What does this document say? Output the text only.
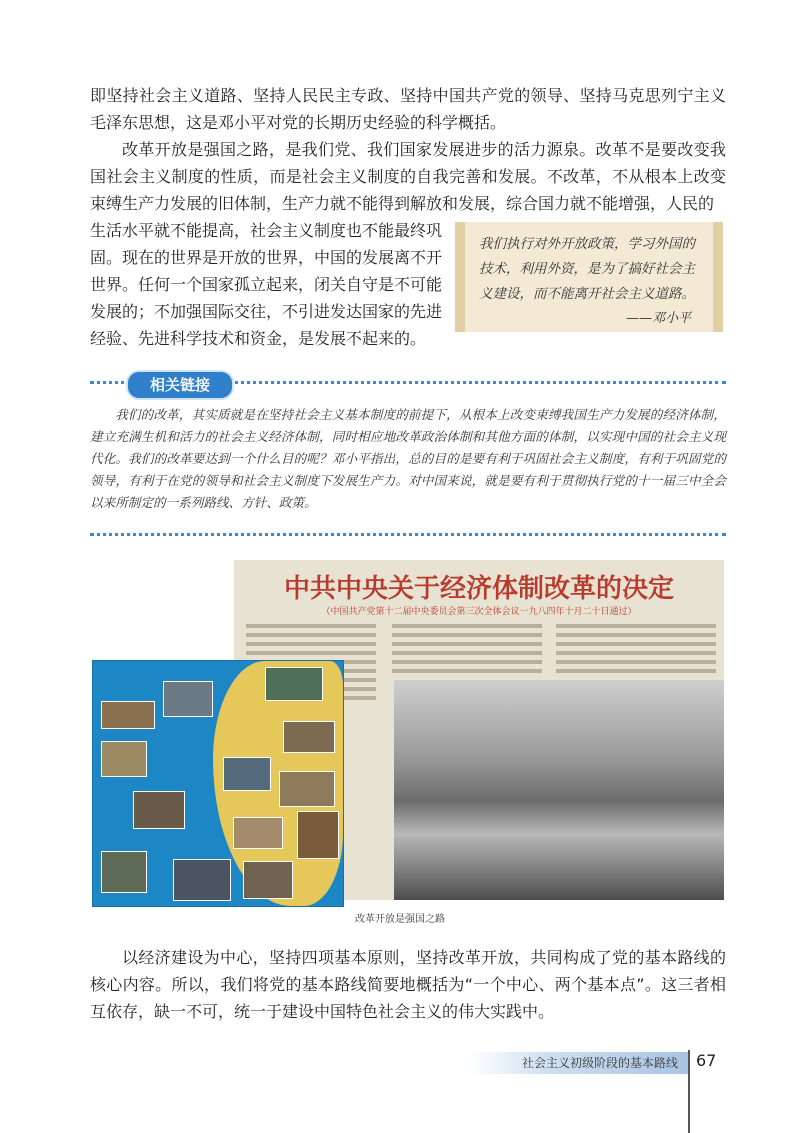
即坚持社会主义道路、坚持人民民主专政、坚持中国共产党的领导、坚持马克思列宁主义毛泽东思想，这是邓小平对党的长期历史经验的科学概括。

改革开放是强国之路，是我们党、我们国家发展进步的活力源泉。改革不是要改变我国社会主义制度的性质，而是社会主义制度的自我完善和发展。不改革，不从根本上改变束缚生产力发展的旧体制，生产力就不能得到解放和发展，综合国力就不能增强，人民的

生活水平就不能提高，社会主义制度也不能最终巩固。现在的世界是开放的世界，中国的发展离不开世界。任何一个国家孤立起来，闭关自守是不可能发展的；不加强国际交往，不引进发达国家的先进经验、先进科学技术和资金，是发展不起来的。

我们执行对外开放政策，学习外国的技术，利用外资，是为了搞好社会主义建设，而不能离开社会主义道路。

——邓小平

相关链接

我们的改革，其实质就是在坚持社会主义基本制度的前提下，从根本上改变束缚我国生产力发展的经济体制，建立充满生机和活力的社会主义经济体制，同时相应地改革政治体制和其他方面的体制，以实现中国的社会主义现代化。我们的改革要达到一个什么目的呢？邓小平指出，总的目的是要有利于巩固社会主义制度，有利于巩固党的领导，有利于在党的领导和社会主义制度下发展生产力。对中国来说，就是要有利于贯彻执行党的十一届三中全会以来所制定的一系列路线、方针、政策。

中共中央关于经济体制改革的决定
（中国共产党第十二届中央委员会第三次全体会议一九八四年十月二十日通过）
改革开放是强国之路

以经济建设为中心，坚持四项基本原则，坚持改革开放，共同构成了党的基本路线的核心内容。所以，我们将党的基本路线简要地概括为“一个中心、两个基本点”。这三者相互依存，缺一不可，统一于建设中国特色社会主义的伟大实践中。

社会主义初级阶段的基本路线	67
